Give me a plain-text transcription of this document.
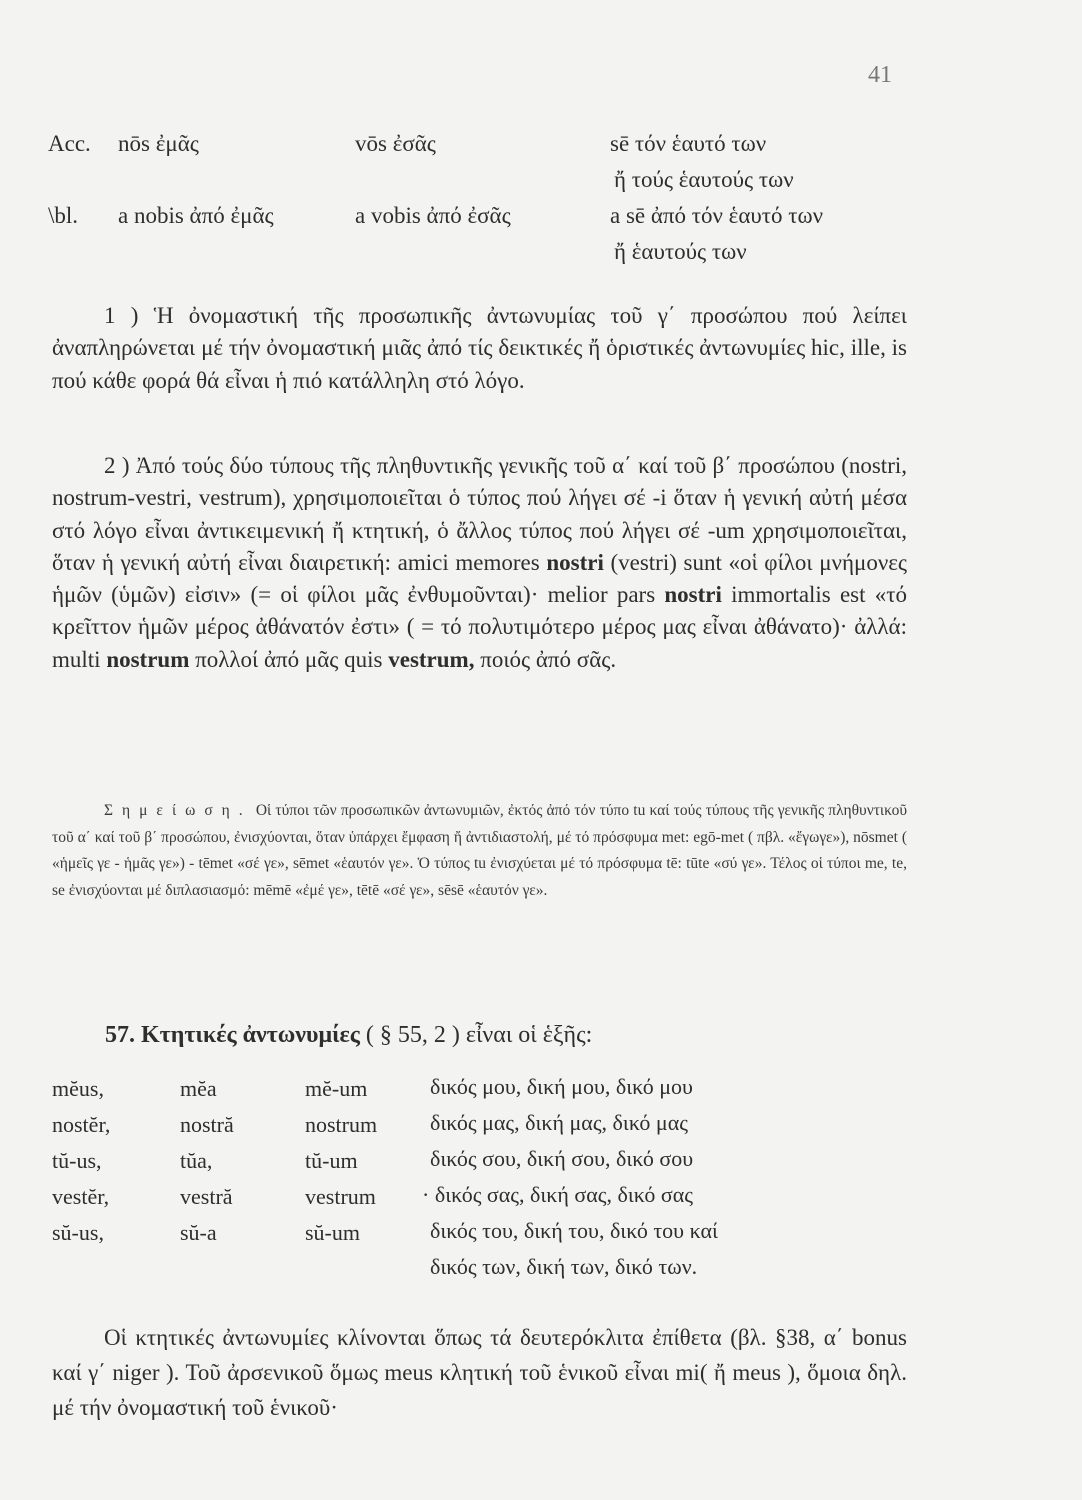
41
Acc. nōs ἐμᾶς	vōs ἐσᾶς	sē τόν ἑαυτό των
ἤ τούς ἑαυτούς των
\bl. a nobis ἀπό ἐμᾶς	a vobis ἀπό ἐσᾶς	a sē ἀπό τόν ἑαυτό των
ἤ ἑαυτούς των
1 ) Ἡ ὀνομαστική τῆς προσωπικῆς ἀντωνυμίας τοῦ γ΄ προσώπου πού λείπει ἀναπληρώνεται μέ τήν ὀνομαστική μιᾶς ἀπό τίς δεικτικές ἤ ὁριστικές ἀντωνυμίες hic, ille, is πού κάθε φορά θά εἶναι ἡ πιό κατάλληλη στό λόγο.
2 ) Ἀπό τούς δύο τύπους τῆς πληθυντικῆς γενικῆς τοῦ α΄ καί τοῦ β΄ προσώπου (nostri, nostrum-vestri, vestrum), χρησιμοποιεῖται ὁ τύπος πού λήγει σέ -i ὅταν ἡ γενική αὐτή μέσα στό λόγο εἶναι ἀντικειμενική ἤ κτητική, ὁ ἄλλος τύπος πού λήγει σέ -um χρησιμοποιεῖται, ὅταν ἡ γενική αὐτή εἶναι διαιρετική: amici memores nostri (vestri) sunt «οἱ φίλοι μνήμονες ἡμῶν (ὑμῶν) εἰσιν» (= οἱ φίλοι μᾶς ἐνθυμοῦνται)· melior pars nostri immortalis est «τό κρεῖττον ἡμῶν μέρος ἀθάνατόν ἐστι» ( = τό πολυτιμότερο μέρος μας εἶναι ἀθάνατο)· ἀλλά: multi nostrum πολλοί ἀπό μᾶς quis vestrum, ποιός ἀπό σᾶς.
Σημείωση. Οἱ τύποι τῶν προσωπικῶν ἀντωνυμιῶν, ἐκτός ἀπό τόν τύπο tu καί τούς τύπους τῆς γενικῆς πληθυντικοῦ τοῦ α΄ καί τοῦ β΄ προσώπου, ἐνισχύονται, ὅταν ὑπάρχει ἔμφαση ἤ ἀντιδιαστολή, μέ τό πρόσφυμα met: egō-met ( πβλ. «ἔγωγε»), nōsmet ( «ἡμεῖς γε - ἡμᾶς γε») - tēmet «σέ γε», sēmet «ἑαυτόν γε». Ὁ τύπος tu ἐνισχύεται μέ τό πρόσφυμα tē: tūte «σύ γε». Τέλος οἱ τύποι me, te, se ἐνισχύονται μέ διπλασιασμό: mēmē «ἐμέ γε», tētē «σέ γε», sēsē «ἑαυτόν γε».
57. Κτητικές ἀντωνυμίες ( § 55, 2 ) εἶναι οἱ ἑξῆς:
mĕus,	mĕa	mĕ-um	δικός μου, δική μου, δικό μου
nostĕr,	nostră	nostrum δικός μας, δική μας, δικό μας
tŭ-us,	tŭa,	tŭ-um	δικός σου, δική σου, δικό σου
vestĕr,	vestră	vestrum · δικός σας, δική σας, δικό σας
sŭ-us,	sŭ-a	sŭ-um	δικός του, δική του, δικό του καί
δικός των, δική των, δικό των.
Οἱ κτητικές ἀντωνυμίες κλίνονται ὅπως τά δευτερόκλιτα ἐπίθετα (βλ. §38, α΄ bonus καί γ΄ niger ). Τοῦ ἀρσενικοῦ ὅμως meus κλητική τοῦ ἑνικοῦ εἶναι mi( ἤ meus ), ὅμοια δηλ. μέ τήν ὀνομαστική τοῦ ἑνικοῦ·
